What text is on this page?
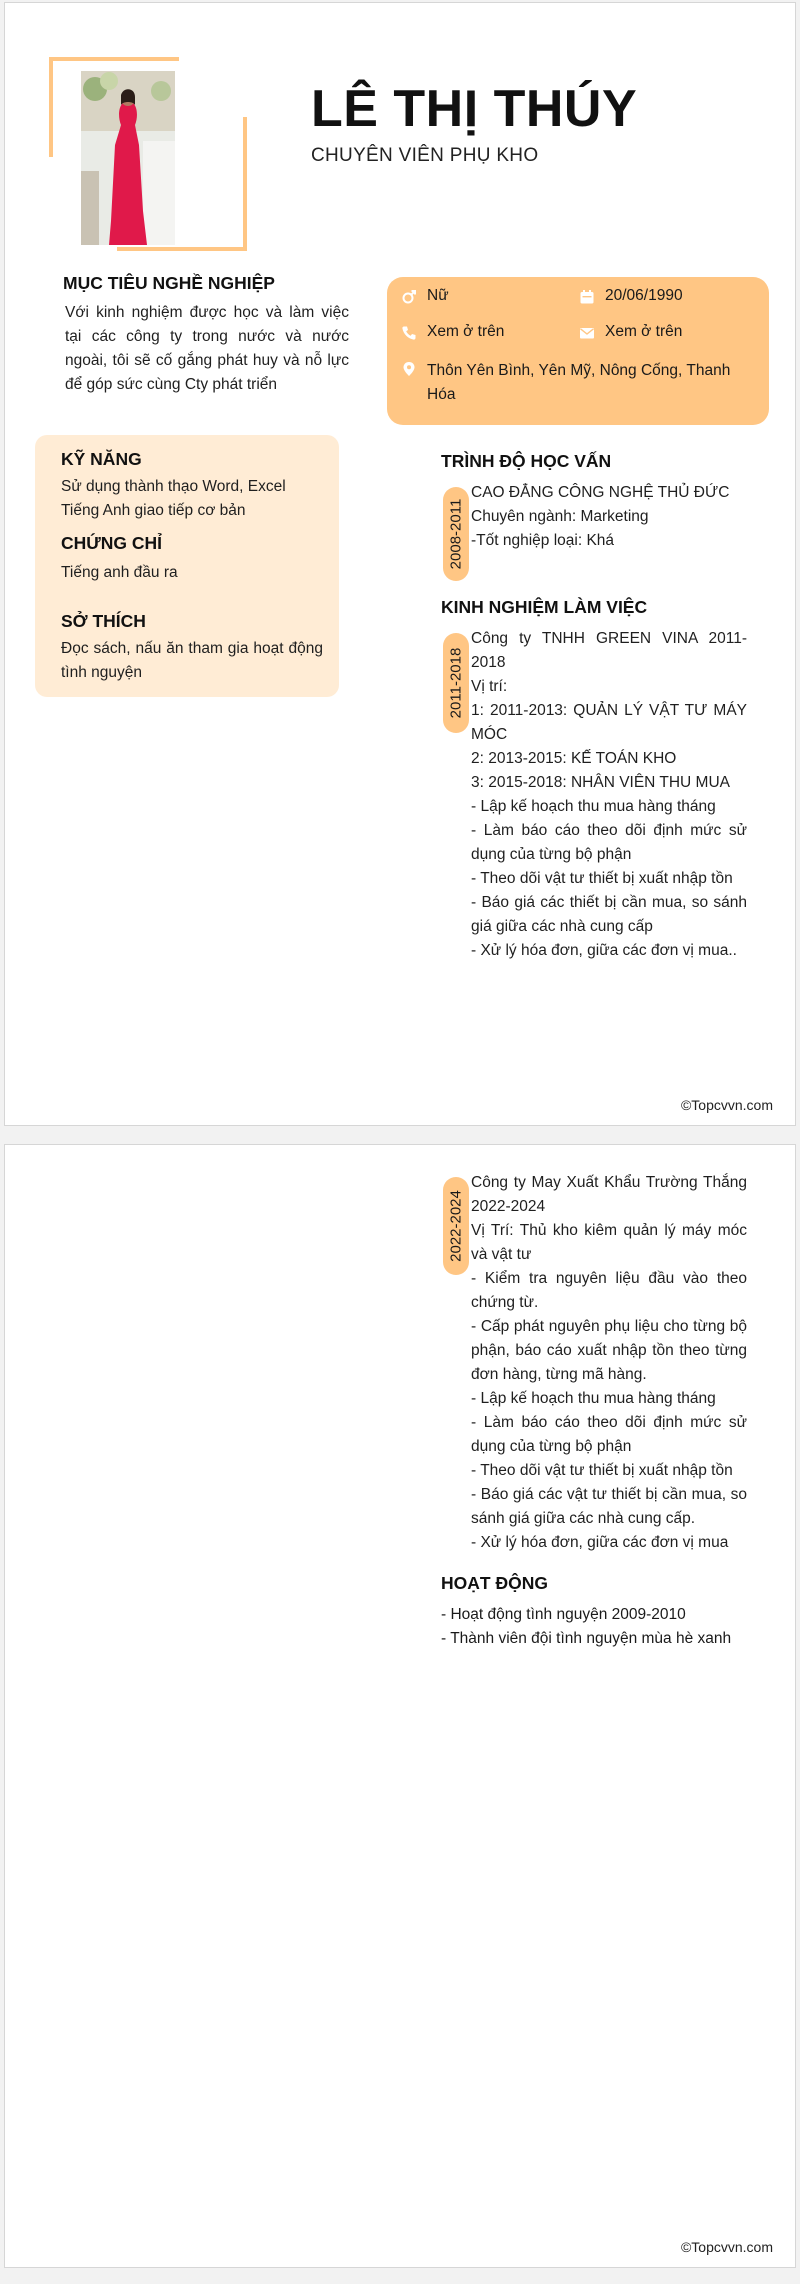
LÊ THỊ THÚY
CHUYÊN VIÊN PHỤ KHO
MỤC TIÊU NGHỀ NGHIỆP
Với kinh nghiệm được học và làm việc tại các công ty trong nước và nước ngoài, tôi sẽ cố gắng phát huy và nỗ lực để góp sức cùng Cty phát triển
Nữ	20/06/1990
Xem ở trên	Xem ở trên
Thôn Yên Bình, Yên Mỹ, Nông Cống, Thanh Hóa
KỸ NĂNG
Sử dụng thành thạo Word, Excel
Tiếng Anh giao tiếp cơ bản
CHỨNG CHỈ
Tiếng anh đầu ra
SỞ THÍCH
Đọc sách, nấu ăn tham gia hoạt động tình nguyện
TRÌNH ĐỘ HỌC VẤN
2008-2011
CAO ĐẲNG CÔNG NGHỆ THỦ ĐỨC
Chuyên ngành: Marketing
-Tốt nghiệp loại: Khá
KINH NGHIỆM LÀM VIỆC
2011-2018
Công ty TNHH GREEN VINA 2011-2018
Vị trí:
1: 2011-2013: QUẢN LÝ VẬT TƯ MÁY MÓC
2: 2013-2015: KẾ TOÁN KHO
3: 2015-2018: NHÂN VIÊN THU MUA
- Lập kế hoạch thu mua hàng tháng
- Làm báo cáo theo dõi định mức sử dụng của từng bộ phận
- Theo dõi vật tư thiết bị xuất nhập tồn
- Báo giá các thiết bị cần mua, so sánh giá giữa các nhà cung cấp
- Xử lý hóa đơn, giữa các đơn vị mua..
©Topcvvn.com
2022-2024
Công ty May Xuất Khẩu Trường Thắng 2022-2024
Vị Trí: Thủ kho kiêm quản lý máy móc và vật tư
- Kiểm tra nguyên liệu đầu vào theo chứng từ.
- Cấp phát nguyên phụ liệu cho từng bộ phận, báo cáo xuất nhập tồn theo từng đơn hàng, từng mã hàng.
- Lập kế hoạch thu mua hàng tháng
- Làm báo cáo theo dõi định mức sử dụng của từng bộ phận
- Theo dõi vật tư thiết bị xuất nhập tồn
- Báo giá các vật tư thiết bị cần mua, so sánh giá giữa các nhà cung cấp.
- Xử lý hóa đơn, giữa các đơn vị mua
HOẠT ĐỘNG
- Hoạt động tình nguyện 2009-2010
- Thành viên đội tình nguyện mùa hè xanh
©Topcvvn.com
